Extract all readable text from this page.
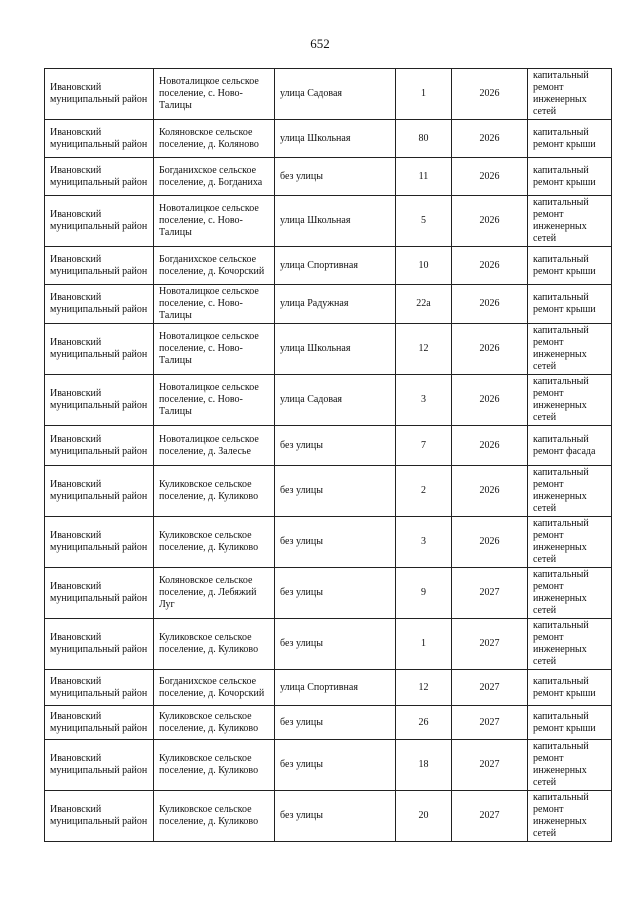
652
Ивановский муниципальный район	Новоталицкое сельское поселение, с. Ново-Талицы	улица Садовая	1	2026	капитальный ремонт инженерных сетей
Ивановский муниципальный район	Коляновское сельское поселение, д. Коляново	улица Школьная	80	2026	капитальный ремонт крыши
Ивановский муниципальный район	Богданихское сельское поселение, д. Богданиха	без улицы	11	2026	капитальный ремонт крыши
Ивановский муниципальный район	Новоталицкое сельское поселение, с. Ново-Талицы	улица Школьная	5	2026	капитальный ремонт инженерных сетей
Ивановский муниципальный район	Богданихское сельское поселение, д. Кочорский	улица Спортивная	10	2026	капитальный ремонт крыши
Ивановский муниципальный район	Новоталицкое сельское поселение, с. Ново-Талицы	улица Радужная	22а	2026	капитальный ремонт крыши
Ивановский муниципальный район	Новоталицкое сельское поселение, с. Ново-Талицы	улица Школьная	12	2026	капитальный ремонт инженерных сетей
Ивановский муниципальный район	Новоталицкое сельское поселение, с. Ново-Талицы	улица Садовая	3	2026	капитальный ремонт инженерных сетей
Ивановский муниципальный район	Новоталицкое сельское поселение, д. Залесье	без улицы	7	2026	капитальный ремонт фасада
Ивановский муниципальный район	Куликовское сельское поселение, д. Куликово	без улицы	2	2026	капитальный ремонт инженерных сетей
Ивановский муниципальный район	Куликовское сельское поселение, д. Куликово	без улицы	3	2026	капитальный ремонт инженерных сетей
Ивановский муниципальный район	Коляновское сельское поселение, д. Лебяжий Луг	без улицы	9	2027	капитальный ремонт инженерных сетей
Ивановский муниципальный район	Куликовское сельское поселение, д. Куликово	без улицы	1	2027	капитальный ремонт инженерных сетей
Ивановский муниципальный район	Богданихское сельское поселение, д. Кочорский	улица Спортивная	12	2027	капитальный ремонт крыши
Ивановский муниципальный район	Куликовское сельское поселение, д. Куликово	без улицы	26	2027	капитальный ремонт крыши
Ивановский муниципальный район	Куликовское сельское поселение, д. Куликово	без улицы	18	2027	капитальный ремонт инженерных сетей
Ивановский муниципальный район	Куликовское сельское поселение, д. Куликово	без улицы	20	2027	капитальный ремонт инженерных сетей
